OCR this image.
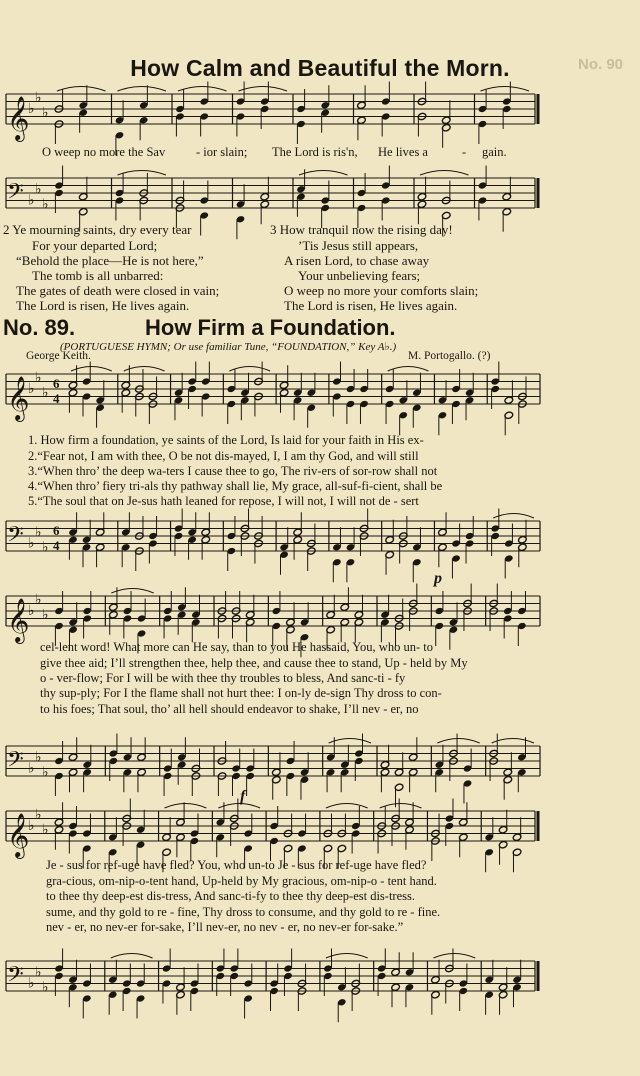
No. 90
How Calm and Beautiful the Morn.
𝄞
♭
♭
♭
O weep no more the Sav - ior slain; The Lord is ris'n, He lives a	- gain.
𝄢 ♭
♭
♭
2 Ye mourning saints, dry every tear
For your departed Lord;
“Behold the place—He is not here,”
The tomb is all unbarred:
The gates of death were closed in vain;
The Lord is risen, He lives again.
3 How tranquil now the rising day!
’Tis Jesus still appears,
A risen Lord, to chase away
Your unbelieving fears;
O weep no more your comforts slain;
The Lord is risen, He lives again.
No. 89.	How Firm a Foundation.
(PORTUGUESE HYMN; Or use familiar Tune, “FOUNDATION,” Key A♭.)
George Keith.	M. Portogallo. (?)
𝄞
♭
♭
♭
6
4
1. How firm a foundation, ye saints of the Lord, Is laid for your faith in His ex-
2.“Fear not, I am with thee, O be not dis-mayed, I, I am thy God, and will still
3.“When thro’ the deep wa-ters I cause thee to go, The riv-ers of sor-row shall not
4.“When thro’ fiery tri-als thy pathway shall lie, My grace, all-suf-fi-cient, shall be
5.“The soul that on Je-sus hath leaned for repose, I will not, I will not de - sert
𝄢 ♭
♭
♭
6
4
p
𝄞
♭
♭
♭
cel-lent word! What more can He say, than to you He hassaid, You, who un- to
give thee aid; I’ll strengthen thee, help thee, and cause thee to stand, Up - held by My
o - ver-flow; For I will be with thee thy troubles to bless, And sanc-ti - fy
thy sup-ply; For I the flame shall not hurt thee: I on-ly de-sign Thy dross to con-
to his foes; That soul, tho’ all hell should endeavor to shake, I’ll nev - er, no
𝄢 ♭
♭
♭
f
𝄞
♭
♭
♭
Je - sus for ref-uge have fled? You, who un-to Je - sus for ref-uge have fled?
gra-cious, om-nip-o-tent hand, Up-held by My gracious, om-nip-o - tent hand.
to thee thy deep-est dis-tress, And sanc-ti-fy to thee thy deep-est dis-tress.
sume, and thy gold to re - fine, Thy dross to consume, and thy gold to re - fine.
nev - er, no nev-er for-sake, I’ll nev-er, no nev - er, no nev-er for-sake.”
𝄢 ♭
♭
♭
